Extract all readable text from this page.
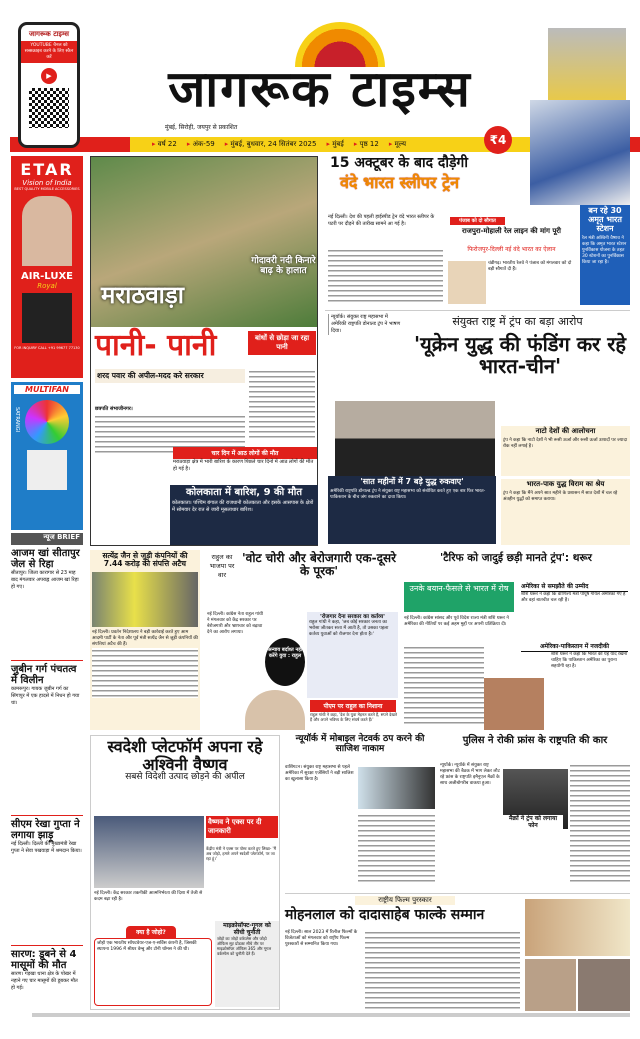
जागरूक टाइम्स
YOUTUBE चैनल को सब्सक्राइब करने के लिए स्कैन करें
▶	जागरूक टाइम्स
मुंबई, सिरोही, जयपुर से प्रकाशित
▸ वर्ष 22	▸ अंक-59	▸ मुंबई, बुधवार, 24 सितंबर 2025	▸ मुंबई	▸ पृष्ठ 12	▸ मूल्य	₹4
ETAR
Vision of India
BEST QUALITY MOBILE ACCESSORIES
AIR-LUXE
Royal
FOR INQUIRY CALL +91 99677 77130
MULTIFAN
SATRANGI
न्यूज BRIEF
आजम खां सीतापुर जेल से रिहा
सीतापुर। जिला कारागार से 23 माह बाद मंगलवार अपराह्न आजम खां रिहा हो गए।
जुबीन गर्ग पंचतत्व में विलीन
कामरूपुर। गायक जुबीन गर्ग का सिंगापुर में एक हादसे में निधन हो गया था।
सीएम रेखा गुप्ता ने लगाया झाड़ू
नई दिल्ली। दिल्ली की मुख्यमंत्री रेखा गुप्ता ने सेवा पखवाड़ा में श्रमदान किया।
सारण: डूबने से 4 मासूमों की मौत
सारण। गड़खा थाना क्षेत्र के पोखर में नहाने गए चार मासूमों की डूबकर मौत हो गई।
मराठवाड़ा
गोदावरी नदी किनारे बाढ़ के हालात
पानी- पानी	बांधों से छोड़ा जा रहा पानी
शरद पवार की अपील-मदद करे सरकार
छत्रपति संभाजीनगर।
चार दिन में आठ लोगों की मौत
मराठवाड़ा क्षेत्र में भारी बारिश के कारण पिछले चार दिनों में आठ लोगों की मौत हो गई है।
कोलकाता में बारिश, 9 की मौत
कोलकाता। पश्चिम बंगाल की राजधानी कोलकाता और इसके आसपास के क्षेत्रों में सोमवार देर रात से जारी मूसलाधार बारिश।
15 अक्टूबर के बाद दौड़ेगी
वंदे भारत स्लीपर ट्रेन
नई दिल्ली। देश की पहली हाईस्पीड ट्रेन वंदे भारत स्लीपर के पटरी पर दौड़ने की तारीख सामने आ गई है।	पंजाब को दो सौगात
राजपुरा-मोहाली रेल लाइन की मांग पूरी
फिरोजपुर-दिल्ली नई वंदे भारत का ऐलान
चंडीगढ़। भारतीय रेलवे ने पंजाब को मंगलवार को दो बड़ी सौगातें दी हैं।
बन रहे 30 अमृत भारत स्टेशन
रेल मंत्री अश्विनी वैष्णव ने कहा कि अमृत भारत स्टेशन पुनर्विकास योजना के तहत 30 स्टेशनों का पुनर्विकास किया जा रहा है।
न्यूयॉर्क। संयुक्त राष्ट्र महासभा में अमेरिकी राष्ट्रपति डोनाल्ड ट्रंप ने भाषण दिया।
संयुक्त राष्ट्र में ट्रंप का बड़ा आरोप
'यूक्रेन युद्ध की फंडिंग कर रहे भारत-चीन'
'सात महीनों में 7 बड़े युद्ध रुकवाए'
अमेरिकी राष्ट्रपति डोनाल्ड ट्रंप ने संयुक्त राष्ट्र महासभा को संबोधित करते हुए एक बार फिर भारत-पाकिस्तान के बीच जंग रुकवाने का दावा किया।
नाटो देशों की आलोचना
ट्रंप ने कहा कि नाटो देशों ने भी रूसी ऊर्जा और रूसी ऊर्जा उत्पादों पर ज्यादा रोक नहीं लगाई है।
भारत-पाक युद्ध विराम का श्रेय
ट्रंप ने कहा कि मैंने अपने सात महीने के प्रशासन में सात देशों में चल रहे अंतहीन युद्धों को समाप्त कराया।
सत्येंद्र जैन से जुड़ी कंपनियों की 7.44 करोड़ की संपत्ति अटैच
नई दिल्ली। प्रवर्तन निदेशालय ने बड़ी कार्रवाई करते हुए आम आदमी पार्टी के नेता और पूर्व मंत्री सत्येंद्र जैन से जुड़ी कंपनियों की संपत्तियां अटैच की हैं।
राहुल का भाजपा पर वार
'वोट चोरी और बेरोजगारी एक-दूसरे के पूरक'
नई दिल्ली। कांग्रेस नेता राहुल गांधी ने मंगलवार को केंद्र सरकार पर बेरोजगारी और भ्रष्टाचार को बढ़ावा देने का आरोप लगाया।
अन्याय बर्दाश्त नहीं करेंगे युवा : राहुल
'रोजगार देना सरकार का कर्तव्य'
राहुल गांधी ने कहा, 'जब कोई सरकार जनता का भरोसा जीतकर सत्ता में आती है, तो उसका पहला कर्तव्य युवाओं को रोजगार देना होता है।'
पीएम पर राहुल का निशाना
राहुल गांधी ने कहा, 'देश के युवा मेहनत करते हैं, सपने देखते हैं और अपने भविष्य के लिए संघर्ष करते हैं।'
'टैरिफ को जादुई छड़ी मानते ट्रंप': थरूर
उनके बयान-फैसले से भारत में रोष
नई दिल्ली। कांग्रेस सांसद और पूर्व विदेश राज्य मंत्री शशि थरूर ने अमेरिका की नीतियों पर कई अहम मुद्दों पर अपनी प्रतिक्रिया दी।
अमेरिका से समझौते की उम्मीद
शशि थरूर ने कहा कि वाणिज्य मंत्री पीयूष गोयल अमेरिका गए हैं और वहां बातचीत चल रही है।
अमेरिका-पाकिस्तान में नजदीकी
शशि थरूर ने कहा कि भारत को यह याद रखना चाहिए कि पाकिस्तान अमेरिका का पुराना सहयोगी रहा है।
स्वदेशी प्लेटफॉर्म अपना रहे अश्विनी वैष्णव
सबसे विदेशी उत्पाद छोड़ने की अपील
वैष्णव ने एक्स पर दी जानकारी
केंद्रीय मंत्री ने एक्स पर पोस्ट करते हुए लिखा- 'मैं अब जोहो, हमारे अपने स्वदेशी प्लेटफॉर्म, पर जा रहा हूं।'
नई दिल्ली। केंद्र सरकार तकनीकी आत्मनिर्भरता की दिशा में तेजी से कदम बढ़ा रही है।
क्या है जोहो?
जोहो एक भारतीय सॉफ्टवेयर-एज-ए-सर्विस कंपनी है, जिसकी स्थापना 1996 में श्रीधर वेम्बु और टोनी थॉमस ने की थी।
माइक्रोसॉफ्ट-गूगल को सीधी चुनौती
जोहो का जोहो वर्कप्लेस और जोहो ऑफिस सूट प्रोडक्ट सीधे तौर पर माइक्रोसॉफ्ट ऑफिस 365 और गूगल वर्कस्पेस को चुनौती देते हैं।
न्यूयॉर्क में मोबाइल नेटवर्क ठप करने की साजिश नाकाम
वाशिंगटन। संयुक्त राष्ट्र महासभा से पहले अमेरिका में सुरक्षा एजेंसियों ने बड़ी साजिश का खुलासा किया है।
पुलिस ने रोकी फ्रांस के राष्ट्रपति की कार
न्यूयॉर्क। न्यूयॉर्क में संयुक्त राष्ट्र महासभा की बैठक में भाग लेकर लौट रहे फ्रांस के राष्ट्रपति इमैनुएल मैक्रों के साथ अजीबोगरीब वाकया हुआ।
मैक्रों ने ट्रंप को लगाया फोन
राष्ट्रीय फिल्म पुरस्कार
मोहनलाल को दादासाहेब फाल्के सम्मान
नई दिल्ली। साल 2023 में रिलीज फिल्मों के विजेताओं को मंगलवार को राष्ट्रीय फिल्म पुरस्कारों से सम्मानित किया गया।
